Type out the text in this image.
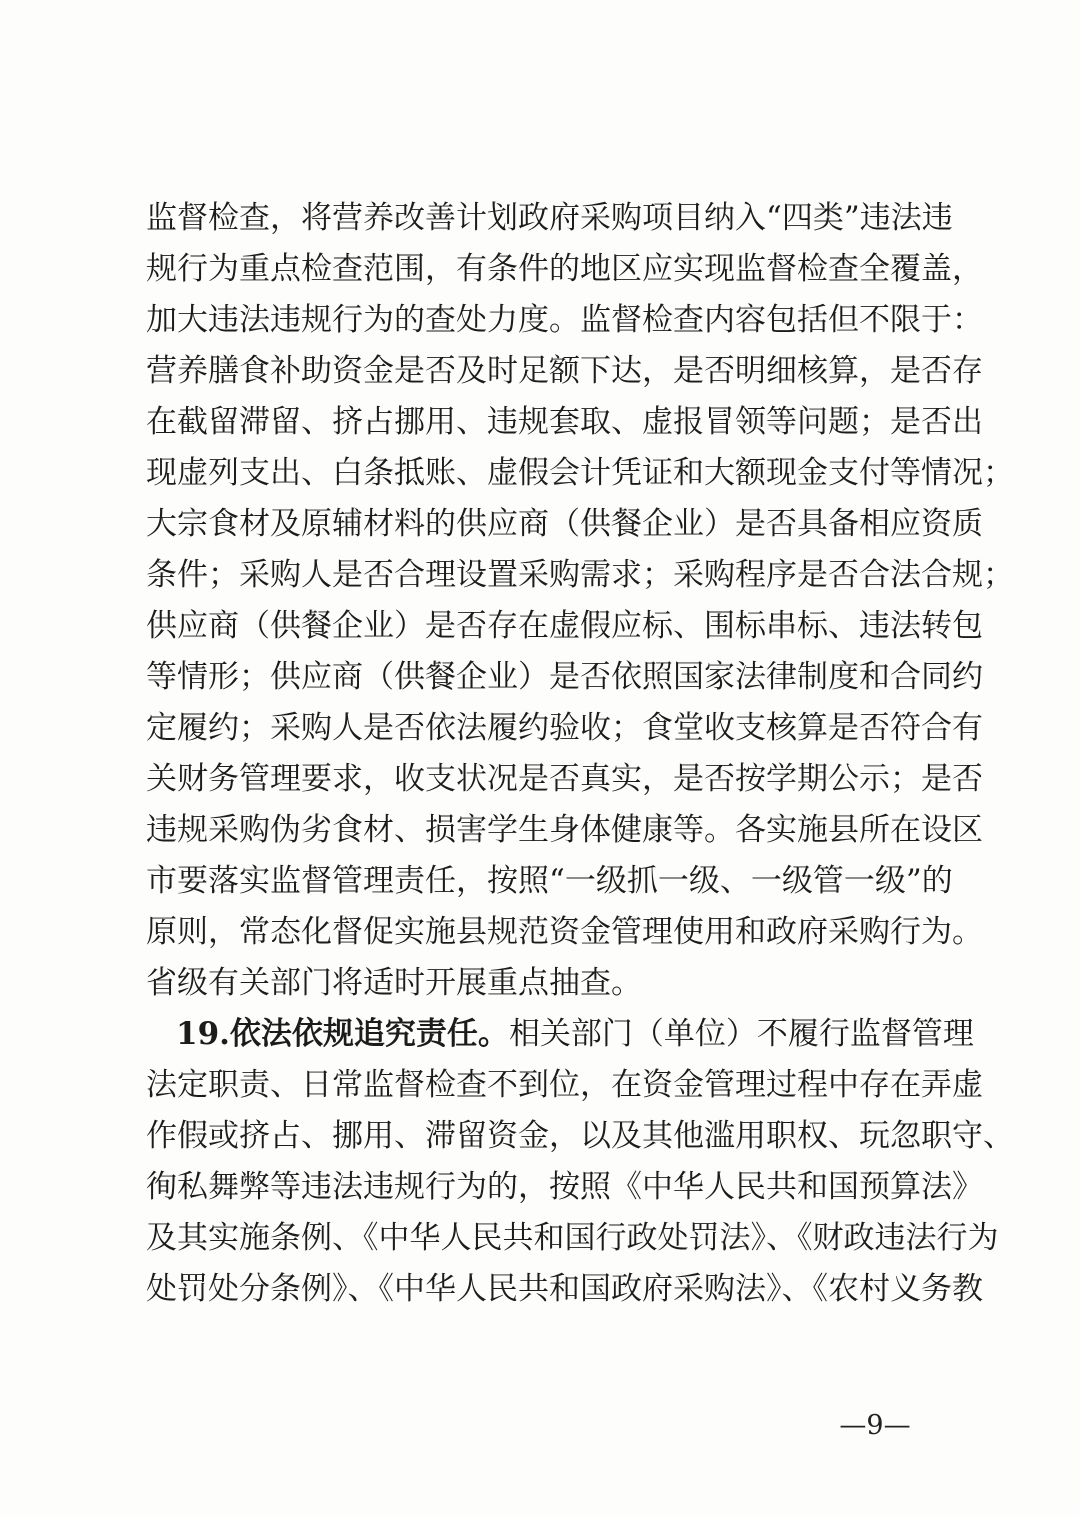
监督检查，将营养改善计划政府采购项目纳入“四类”违法违
规行为重点检查范围，有条件的地区应实现监督检查全覆盖，
加大违法违规行为的查处力度。监督检查内容包括但不限于：
营养膳食补助资金是否及时足额下达，是否明细核算，是否存
在截留滞留、挤占挪用、违规套取、虚报冒领等问题；是否出
现虚列支出、白条抵账、虚假会计凭证和大额现金支付等情况；
大宗食材及原辅材料的供应商（供餐企业）是否具备相应资质
条件；采购人是否合理设置采购需求；采购程序是否合法合规；
供应商（供餐企业）是否存在虚假应标、围标串标、违法转包
等情形；供应商（供餐企业）是否依照国家法律制度和合同约
定履约；采购人是否依法履约验收；食堂收支核算是否符合有
关财务管理要求，收支状况是否真实，是否按学期公示；是否
违规采购伪劣食材、损害学生身体健康等。各实施县所在设区
市要落实监督管理责任，按照“一级抓一级、一级管一级”的
原则，常态化督促实施县规范资金管理使用和政府采购行为。
省级有关部门将适时开展重点抽查。
19.依法依规追究责任。相关部门（单位）不履行监督管理
法定职责、日常监督检查不到位，在资金管理过程中存在弄虚
作假或挤占、挪用、滞留资金，以及其他滥用职权、玩忽职守、
徇私舞弊等违法违规行为的，按照《中华人民共和国预算法》
及其实施条例、《中华人民共和国行政处罚法》、《财政违法行为
处罚处分条例》、《中华人民共和国政府采购法》、《农村义务教
—9—
